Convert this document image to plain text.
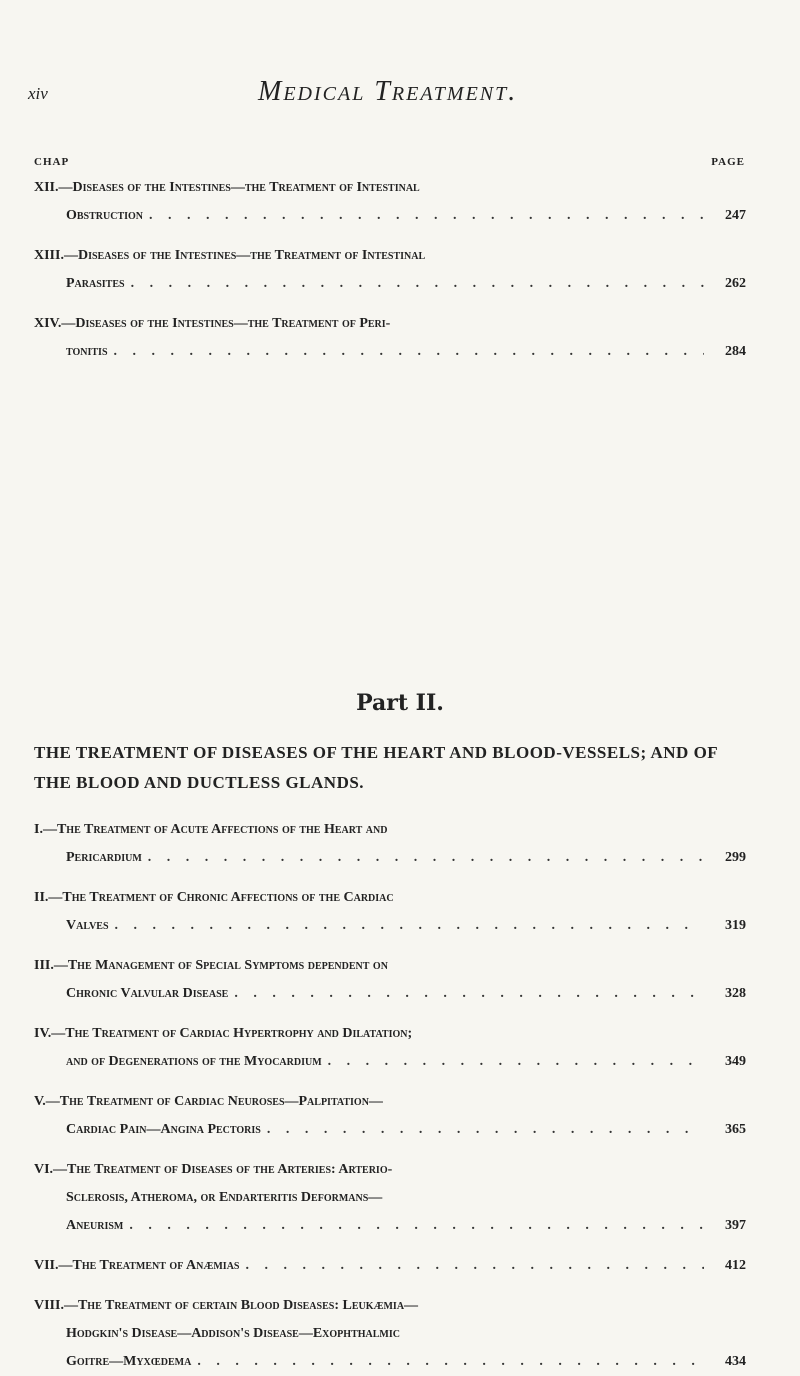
xiv	Medical Treatment.
CHAP	PAGE
XII.—Diseases of the Intestines—the Treatment of Intestinal
Obstruction . . .	247
XIII.—Diseases of the Intestines—the Treatment of Intestinal
Parasites . . .	262
XIV.—Diseases of the Intestines—the Treatment of Peri-
tonitis . . .	284
Part II.
THE TREATMENT OF DISEASES OF THE HEART AND BLOOD-VESSELS; AND OF THE BLOOD AND DUCTLESS GLANDS.
I.—The Treatment of Acute Affections of the Heart and
Pericardium . . .	299
II.—The Treatment of Chronic Affections of the Cardiac
Valves . . .	319
III.—The Management of Special Symptoms dependent on
Chronic Valvular Disease . . .	328
IV.—The Treatment of Cardiac Hypertrophy and Dilatation;
and of Degenerations of the Myocardium . . .	349
V.—The Treatment of Cardiac Neuroses—Palpitation—
Cardiac Pain—Angina Pectoris . . .	365
VI.—The Treatment of Diseases of the Arteries: Arterio-
Sclerosis, Atheroma, or Endarteritis Deformans—
Aneurism . . .	397
VII.—The Treatment of Anæmias . . .	412
VIII.—The Treatment of certain Blood Diseases: Leukæmia—
Hodgkin's Disease—Addison's Disease—Exophthalmic
Goitre—Myxœdema . . .	434
